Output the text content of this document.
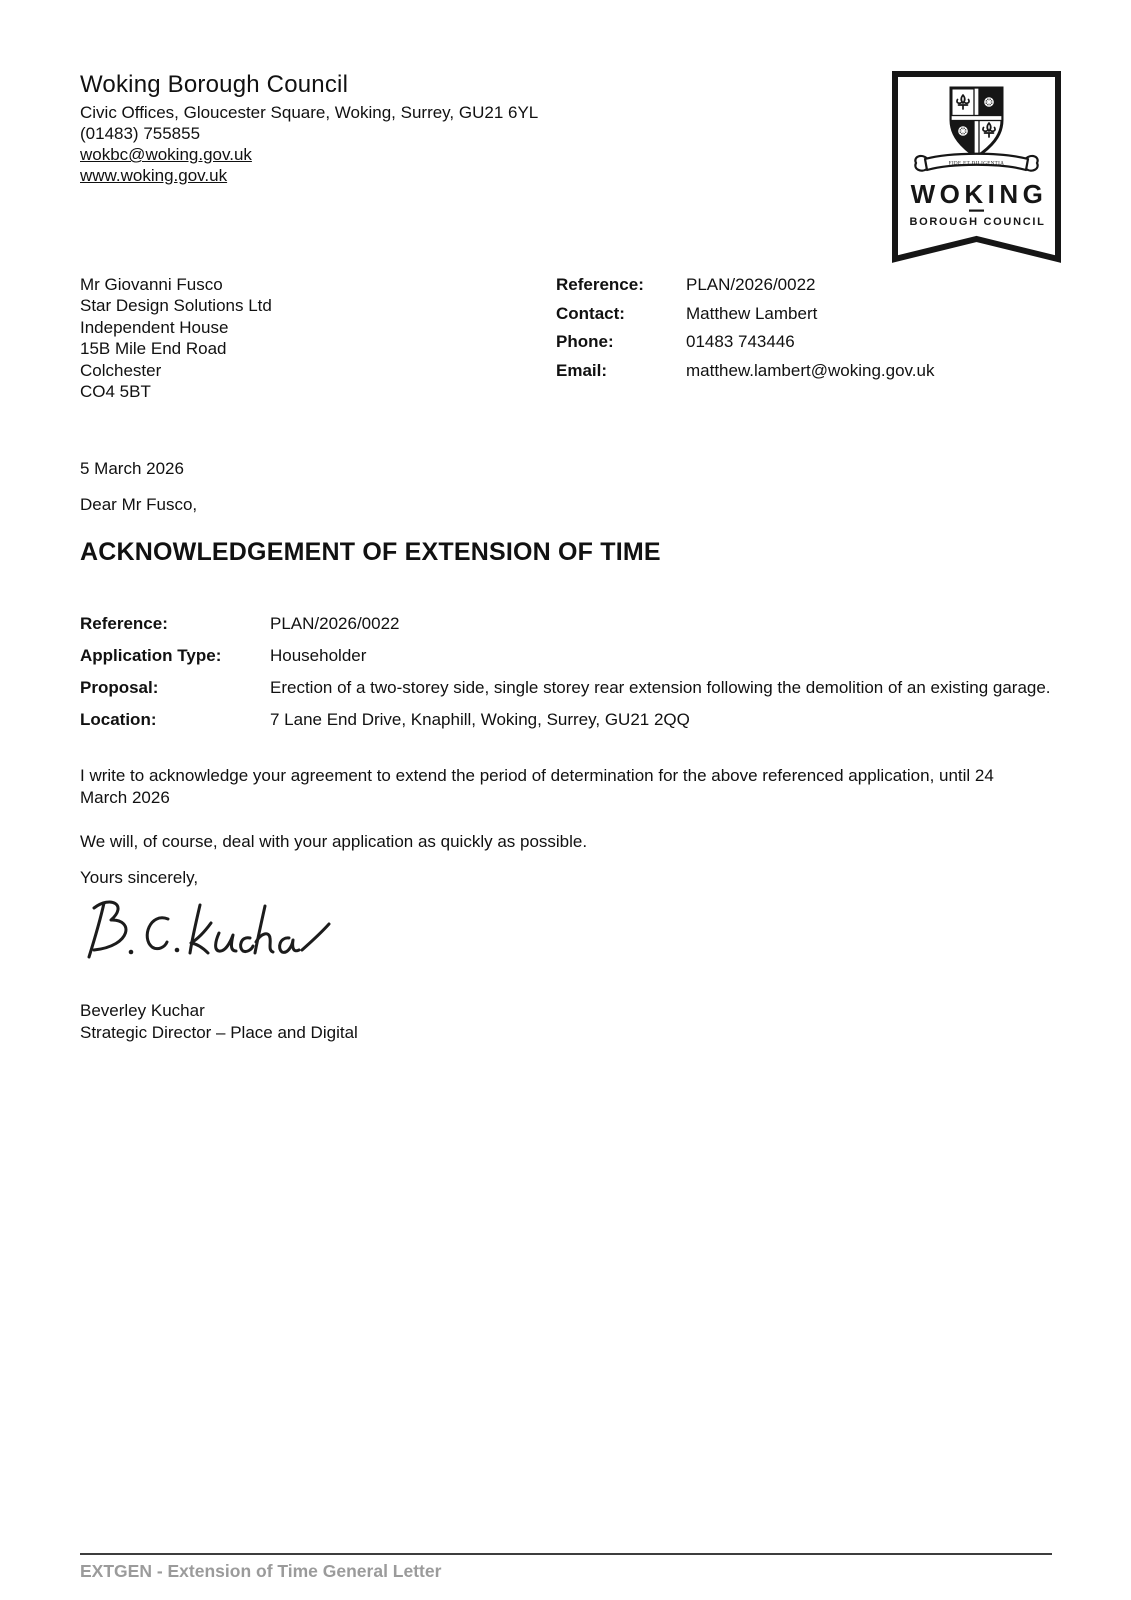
Woking Borough Council
Civic Offices, Gloucester Square, Woking, Surrey, GU21 6YL
(01483) 755855
wokbc@woking.gov.uk
www.woking.gov.uk
FIDE ET DILIGENTIA
WOKING
BOROUGH COUNCIL
Mr Giovanni Fusco
Star Design Solutions Ltd
Independent House
15B Mile End Road
Colchester
CO4 5BT
Reference:	PLAN/2026/0022
Contact:	Matthew Lambert
Phone:	01483 743446
Email:	matthew.lambert@woking.gov.uk
5 March 2026
Dear Mr Fusco,
ACKNOWLEDGEMENT OF EXTENSION OF TIME
Reference:	PLAN/2026/0022
Application Type:	Householder
Proposal:	Erection of a two-storey side, single storey rear extension following the demolition of an existing garage.
Location:	7 Lane End Drive, Knaphill, Woking, Surrey, GU21 2QQ

I write to acknowledge your agreement to extend the period of determination for the above referenced application, until 24 March 2026

We will, of course, deal with your application as quickly as possible.

Yours sincerely,
Beverley Kuchar
Strategic Director – Place and Digital
EXTGEN - Extension of Time General Letter
